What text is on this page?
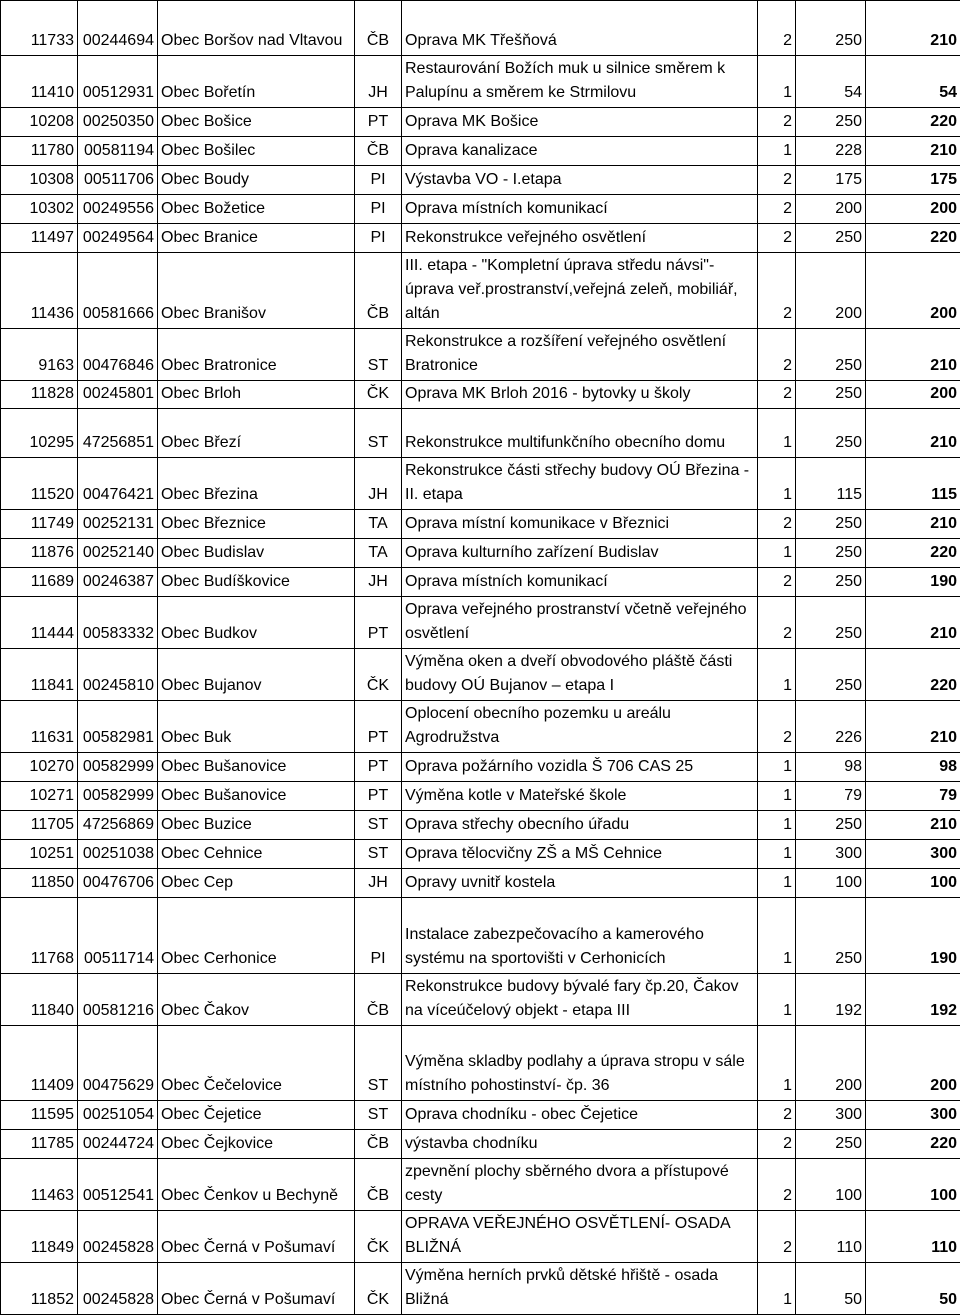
11733	00244694	Obec Boršov nad Vltavou	ČB	Oprava MK Třešňová	2	250	210
11410	00512931	Obec Bořetín	JH	Restaurování Božích muk u silnice směrem k Palupínu a směrem ke Strmilovu	1	54	54
10208	00250350	Obec Bošice	PT	Oprava MK Bošice	2	250	220
11780	00581194	Obec Bošilec	ČB	Oprava kanalizace	1	228	210
10308	00511706	Obec Boudy	PI	Výstavba VO - I.etapa	2	175	175
10302	00249556	Obec Božetice	PI	Oprava místních komunikací	2	200	200
11497	00249564	Obec Branice	PI	Rekonstrukce veřejného osvětlení	2	250	220
11436	00581666	Obec Branišov	ČB	III. etapa - "Kompletní úprava středu návsi"- úprava veř.prostranství,veřejná zeleň, mobiliář, altán	2	200	200
9163	00476846	Obec Bratronice	ST	Rekonstrukce a rozšíření veřejného osvětlení Bratronice	2	250	210
11828	00245801	Obec Brloh	ČK	Oprava MK Brloh 2016 - bytovky u školy	2	250	200
10295	47256851	Obec Březí	ST	Rekonstrukce multifunkčního obecního domu	1	250	210
11520	00476421	Obec Březina	JH	Rekonstrukce části střechy budovy OÚ Březina - II. etapa	1	115	115
11749	00252131	Obec Březnice	TA	Oprava místní komunikace v Březnici	2	250	210
11876	00252140	Obec Budislav	TA	Oprava kulturního zařízení Budislav	1	250	220
11689	00246387	Obec Budíškovice	JH	Oprava místních komunikací	2	250	190
11444	00583332	Obec Budkov	PT	Oprava veřejného prostranství včetně veřejného osvětlení	2	250	210
11841	00245810	Obec Bujanov	ČK	Výměna oken a dveří obvodového pláště části budovy OÚ Bujanov – etapa I	1	250	220
11631	00582981	Obec Buk	PT	Oplocení obecního pozemku u areálu Agrodružstva	2	226	210
10270	00582999	Obec Bušanovice	PT	Oprava požárního vozidla Š 706 CAS 25	1	98	98
10271	00582999	Obec Bušanovice	PT	Výměna kotle v Mateřské škole	1	79	79
11705	47256869	Obec Buzice	ST	Oprava střechy obecního úřadu	1	250	210
10251	00251038	Obec Cehnice	ST	Oprava tělocvičny ZŠ a MŠ Cehnice	1	300	300
11850	00476706	Obec Cep	JH	Opravy uvnitř kostela	1	100	100
11768	00511714	Obec Cerhonice	PI	Instalace zabezpečovacího a kamerového systému na sportovišti v Cerhonicích	1	250	190
11840	00581216	Obec Čakov	ČB	Rekonstrukce budovy bývalé fary čp.20, Čakov na víceúčelový objekt - etapa III	1	192	192
11409	00475629	Obec Čečelovice	ST	Výměna skladby podlahy a úprava stropu v sále místního pohostinství- čp. 36	1	200	200
11595	00251054	Obec Čejetice	ST	Oprava chodníku - obec Čejetice	2	300	300
11785	00244724	Obec Čejkovice	ČB	výstavba chodníku	2	250	220
11463	00512541	Obec Čenkov u Bechyně	ČB	zpevnění plochy sběrného dvora a přístupové cesty	2	100	100
11849	00245828	Obec Černá v Pošumaví	ČK	OPRAVA VEŘEJNÉHO OSVĚTLENÍ- OSADA BLIŽNÁ	2	110	110
11852	00245828	Obec Černá v Pošumaví	ČK	Výměna herních prvků dětské hřiště - osada Bližná	1	50	50
